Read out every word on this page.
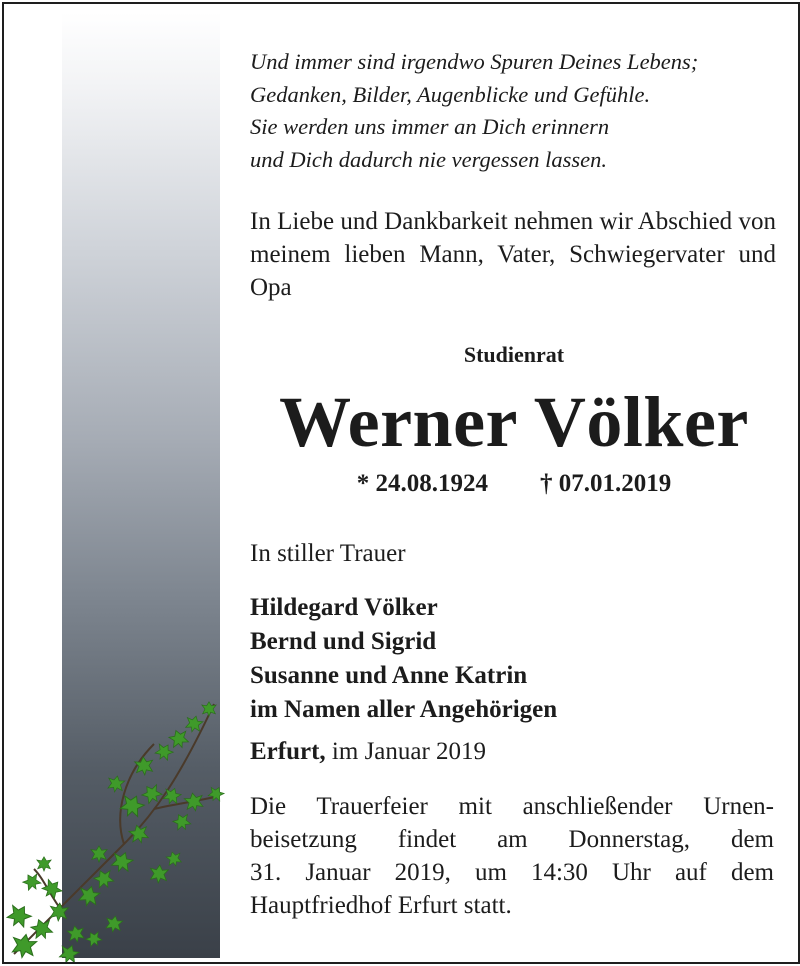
Und immer sind irgendwo Spuren Deines Lebens;
Gedanken, Bilder, Augenblicke und Gefühle.
Sie werden uns immer an Dich erinnern
und Dich dadurch nie vergessen lassen.
In Liebe und Dankbarkeit nehmen wir Abschied von meinem lieben Mann, Vater, Schwiegervater und Opa
Studienrat
Werner Völker
* 24.08.1924 † 07.01.2019
In stiller Trauer
Hildegard Völker
Bernd und Sigrid
Susanne und Anne Katrin
im Namen aller Angehörigen
Erfurt, im Januar 2019
Die Trauerfeier mit anschließender Urnen-
beisetzung findet am Donnerstag, dem
31. Januar 2019, um 14:30 Uhr auf dem
Hauptfriedhof Erfurt statt.
